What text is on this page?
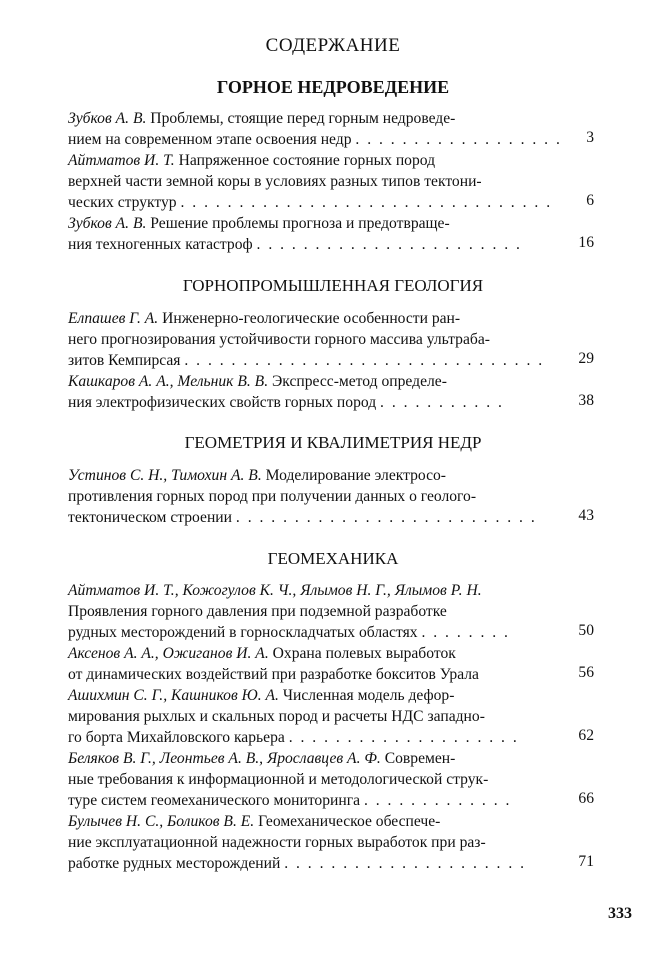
СОДЕРЖАНИЕ
ГОРНОЕ НЕДРОВЕДЕНИЕ
Зубков А. В. Проблемы, стоящие перед горным недроведе-
нием на современном этапе освоения недр . . . . . . . . . . . . . . . . . . 3
Айтматов И. Т. Напряженное состояние горных пород
верхней части земной коры в условиях разных типов тектони-
ческих структур . . . . . . . . . . . . . . . . . . . . . . . . . . . . . . . . 6
Зубков А. В. Решение проблемы прогноза и предотвраще-
ния техногенных катастроф . . . . . . . . . . . . . . . . . . . . . . .	16
ГОРНОПРОМЫШЛЕННАЯ ГЕОЛОГИЯ
Елпашев Г. А. Инженерно-геологические особенности ран-
него прогнозирования устойчивости горного массива ультраба-
зитов Кемпирсая . . . . . . . . . . . . . . . . . . . . . . . . . . . . . . . 29
Кашкаров А. А., Мельник В. В. Экспресс-метод определе-
ния электрофизических свойств горных пород . . . . . . . . . . .	38
ГЕОМЕТРИЯ И КВАЛИМЕТРИЯ НЕДР
Устинов С. Н., Тимохин А. В. Моделирование электросо-
противления горных пород при получении данных о геолого-
тектоническом строении . . . . . . . . . . . . . . . . . . . . . . . . . .	43
ГЕОМЕХАНИКА
Айтматов И. Т., Кожогулов К. Ч., Ялымов Н. Г., Ялымов Р. Н.
Проявления горного давления при подземной разработке
рудных месторождений в горноскладчатых областях . . . . . . . .	50
Аксенов А. А., Ожиганов И. А. Охрана полевых выработок
от динамических воздействий при разработке бокситов Урала	56
Ашихмин С. Г., Кашников Ю. А. Численная модель дефор-
мирования рыхлых и скальных пород и расчеты НДС западно-
го борта Михайловского карьера . . . . . . . . . . . . . . . . . . . .	62
Беляков В. Г., Леонтьев А. В., Ярославцев А. Ф. Современ-
ные требования к информационной и методологической струк-
туре систем геомеханического мониторинга . . . . . . . . . . . . .	66
Булычев Н. С., Боликов В. Е. Геомеханическое обеспече-
ние эксплуатационной надежности горных выработок при раз-
работке рудных месторождений . . . . . . . . . . . . . . . . . . . . .	71
333
